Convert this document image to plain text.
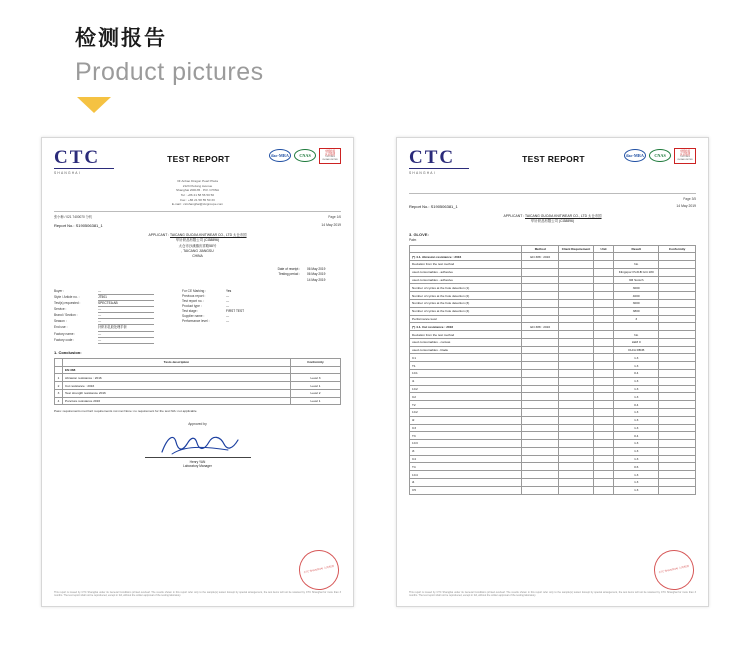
检测报告
Product pictures
CTC
SHANGHAI
TEST REPORT	ilac-MRA CNAS
中国检验
认证集团
TESTING
CHINA LIMITED
3F Anbao Dragon Pearl Plaza
2123 Pudong Avenue
Shanghai 200135 · P.R. CHINA
Tel : +86 21 58 56 50 50
Fax : +86 21 58 55 50 33
E-mail : ctcshanghai@ctcgroupe.com
张小梅 / 021 7400070 分机	Page 1/6
Report No.: S190506381_1	14 May 2019
APPLICANT : TAICANG GUOJIA KNITWEAR CO., LTD 太仓市国
华针织品有限公司 (CI38896)
太仓市沙溪镇庆祥路58号
, TAICANG JIANGSU
CHINA
Date of receipt : 06 May 2019
Testing period : 06 May 2019
14 May 2019
Buyer :	---
Style / Article no. :	JT501
Test(s) requested :	SPECTEA AB
Service :	---
Brand / Section :	---
Season :	---
End use :	针织衫乳胶处理手套
Factory name :	---
Factory code :	---
For CE Marking :	Yes
Previous report :	---
Test report no. :	---
Product type :	---
Test stage :	FIRST TEST
Supplier name :	---
Performance level :	---
1. Conclusion:
	Tests description	Conformity
	EN 388	
1	Abrasion resistance : 2016	Level 3
2	Cut resistance : 2016	Level 1
3	Tear strength resistance 2016	Level 2
4	Puncture resistance 2016	Level 1
Pass: requirements met Fail: requirements not met None: no requirement for the test N/A: not applicable
Approved by
Henry YAN
Laboratory Manager
CTC SHANGHAI 上海检测
This report is issued by CTC Shanghai under its General Conditions printed overleaf. The results shown in this report refer only to the sample(s) tested. Except by special arrangement, the test items will not be retained by CTC Shanghai for more than 3 months. The test report shall not be reproduced, except in full, without the written approval of the testing laboratory.
CTC
SHANGHAI
TEST REPORT	ilac-MRA CNAS
中国检验
认证集团
TESTING
CHINA LIMITED
Page 3/5
Report No.: S190506381_1	14 May 2019
APPLICANT : TAICANG GUOJIA KNITWEAR CO., LTD 太仓市国
华针织品有限公司 (CI38896)
3. GLOVE:
Palm
	Method	Client Requirement	Unit	Result	Conformity
(*) 4.1. Abrasion resistance : 2016	EN 388 : 2016				
Deviation from the test method				No	
used consumables - adhesive				Klingspor PL31B Grit 180	
used consumables - adhesive				3M Scotch	
Number of cycles at the hole detection (1)				3000	
Number of cycles at the hole detection (2)				4000	
Number of cycles at the hole detection (3)				3000	
Number of cycles at the hole detection (4)				3800	
Performance level				3	
(*) 4.1. Cut resistance : 2016	EN 388 : 2016				
Deviation from the test method				No	
used consumables - canvas				LEM 0	
used consumables - blade				OLFA RB45	
C1				1.3	
T1				1.3	
1C1				0.4	
i1				1.3	
1C2				1.3	
C2				1.3	
T2				0.4	
1C2				1.3	
i2				1.3	
C3				1.3	
T3				0.4	
1C3				1.3	
i3				1.3	
C4				1.3	
T4				0.6	
1C4				1.3	
i4				1.3	
C5				1.3	
CTC SHANGHAI 上海检测
This report is issued by CTC Shanghai under its General Conditions printed overleaf. The results shown in this report refer only to the sample(s) tested. Except by special arrangement, the test items will not be retained by CTC Shanghai for more than 3 months. The test report shall not be reproduced, except in full, without the written approval of the testing laboratory.
